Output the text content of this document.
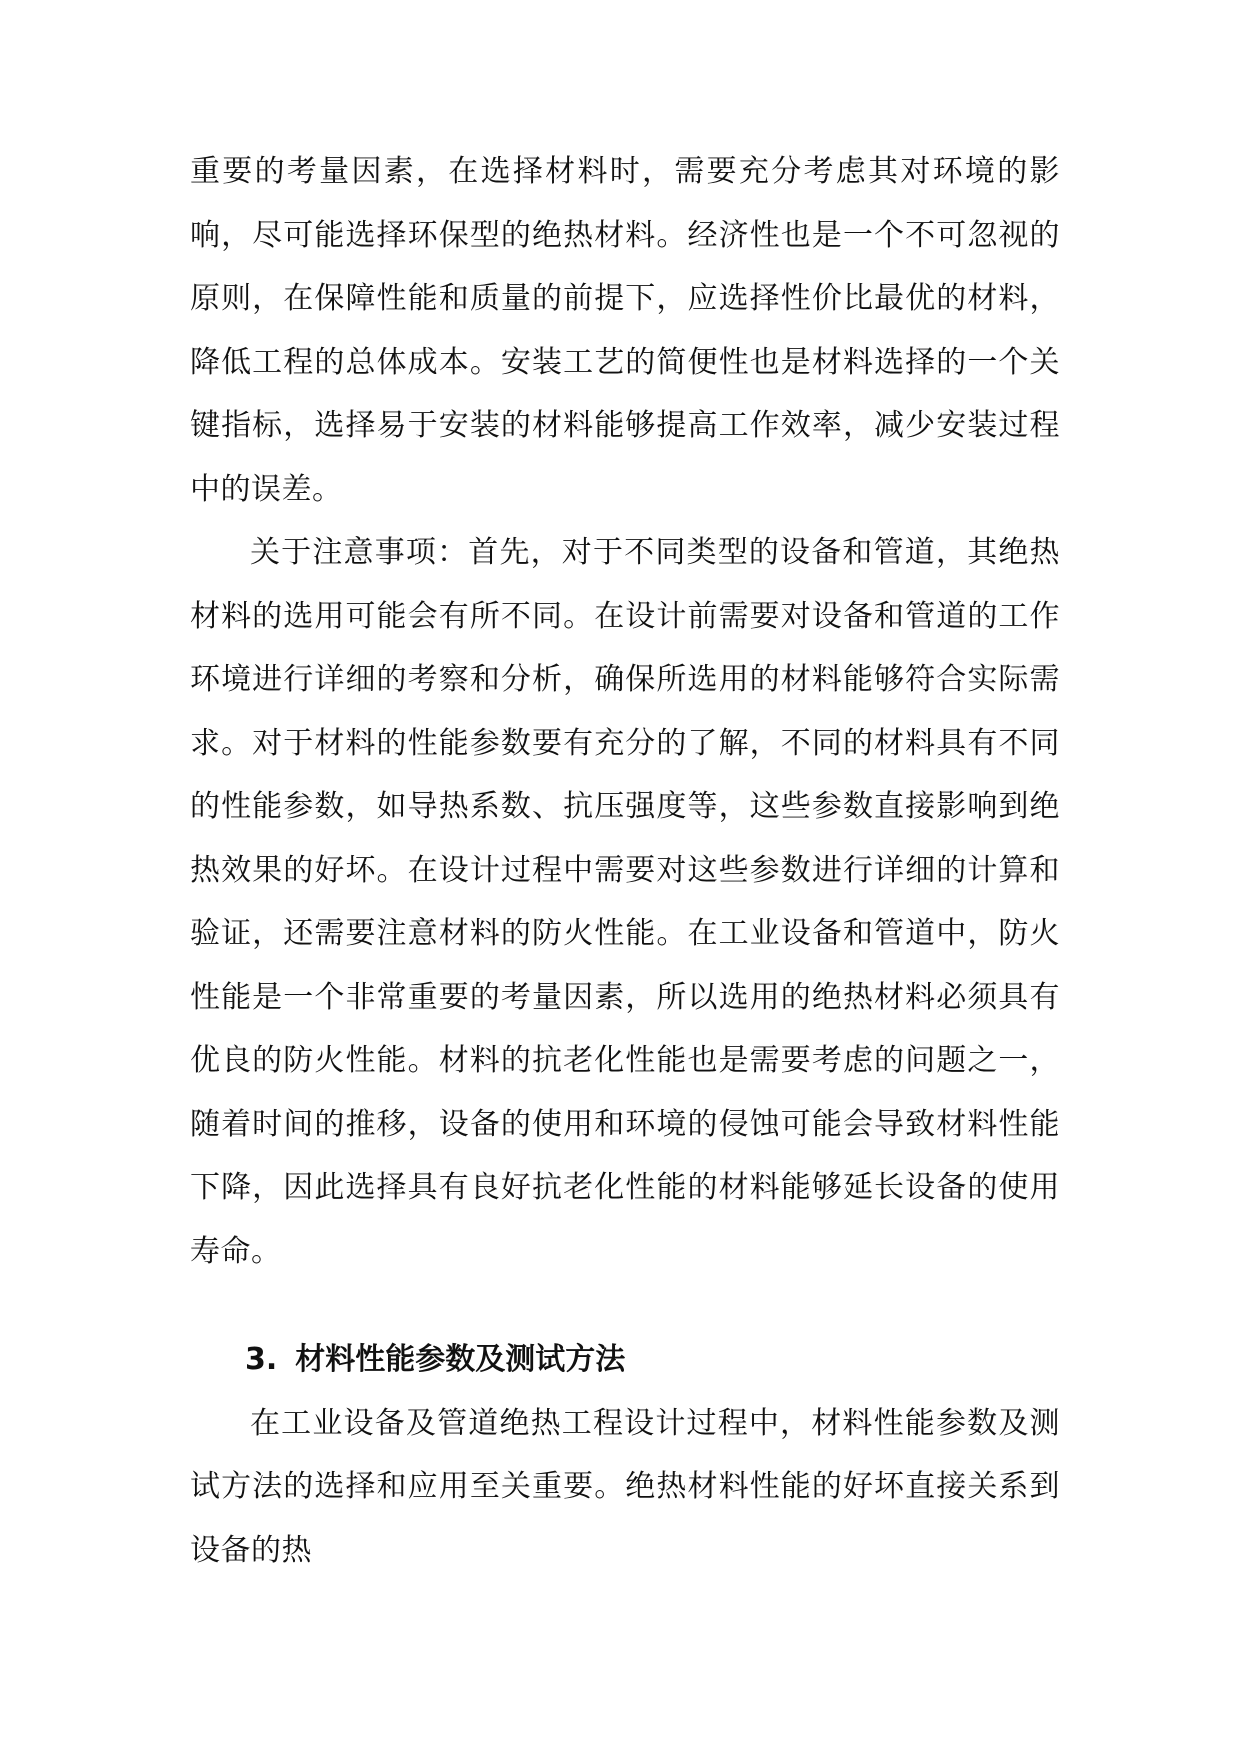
重要的考量因素，在选择材料时，需要充分考虑其对环境的影响，尽可能选择环保型的绝热材料。经济性也是一个不可忽视的原则，在保障性能和质量的前提下，应选择性价比最优的材料，降低工程的总体成本。安装工艺的简便性也是材料选择的一个关键指标，选择易于安装的材料能够提高工作效率，减少安装过程中的误差。

关于注意事项：首先，对于不同类型的设备和管道，其绝热材料的选用可能会有所不同。在设计前需要对设备和管道的工作环境进行详细的考察和分析，确保所选用的材料能够符合实际需求。对于材料的性能参数要有充分的了解，不同的材料具有不同的性能参数，如导热系数、抗压强度等，这些参数直接影响到绝热效果的好坏。在设计过程中需要对这些参数进行详细的计算和验证，还需要注意材料的防火性能。在工业设备和管道中，防火性能是一个非常重要的考量因素，所以选用的绝热材料必须具有优良的防火性能。材料的抗老化性能也是需要考虑的问题之一，随着时间的推移，设备的使用和环境的侵蚀可能会导致材料性能下降，因此选择具有良好抗老化性能的材料能够延长设备的使用寿命。

3. 材料性能参数及测试方法

在工业设备及管道绝热工程设计过程中，材料性能参数及测试方法的选择和应用至关重要。绝热材料性能的好坏直接关系到设备的热
